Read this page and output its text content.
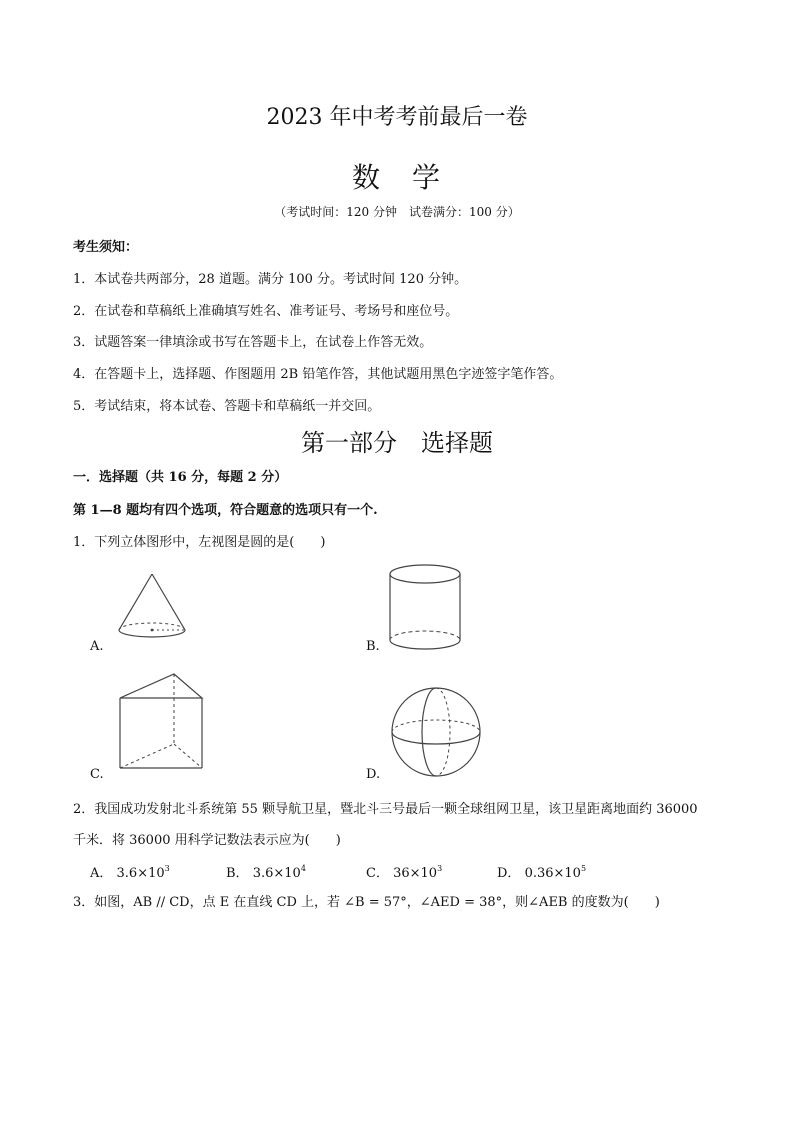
2023 年中考考前最后一卷
数　学
（考试时间：120 分钟　试卷满分：100 分）
考生须知：
1．本试卷共两部分，28 道题。满分 100 分。考试时间 120 分钟。
2．在试卷和草稿纸上准确填写姓名、准考证号、考场号和座位号。
3．试题答案一律填涂或书写在答题卡上，在试卷上作答无效。
4．在答题卡上，选择题、作图题用 2B 铅笔作答，其他试题用黑色字迹签字笔作答。
5．考试结束，将本试卷、答题卡和草稿纸一并交回。
第一部分　选择题
一．选择题（共 16 分，每题 2 分）
第 1—8 题均有四个选项，符合题意的选项只有一个.
1．下列立体图形中，左视图是圆的是(　　)
A.	B.
C.	D.
2．我国成功发射北斗系统第 55 颗导航卫星，暨北斗三号最后一颗全球组网卫星，该卫星距离地面约 36000
千米．将 36000 用科学记数法表示应为(　　)
A． $3.6\times 10^3$	B． $3.6\times 10^4$	C． $36\times 10^3$	D． $0.36\times 10^5$
3．如图，AB // CD，点 E 在直线 CD 上，若 ∠B = 57°，∠AED = 38°，则∠AEB 的度数为(　　)
